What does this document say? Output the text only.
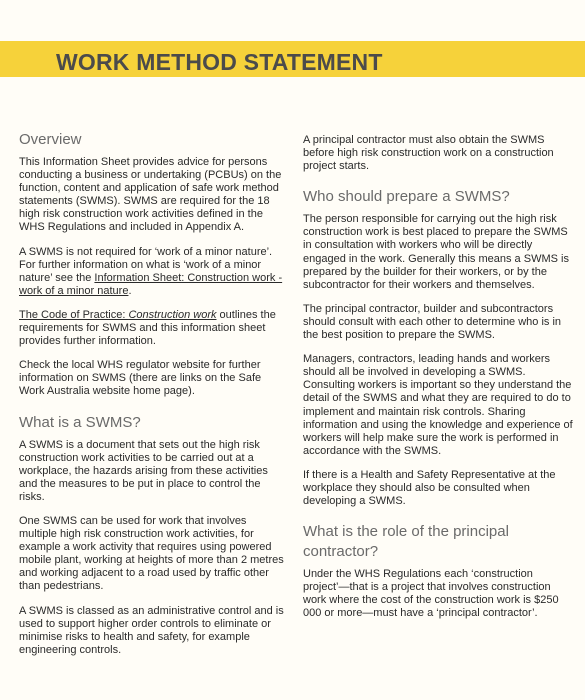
WORK METHOD STATEMENT
Overview

This Information Sheet provides advice for persons conducting a business or undertaking (PCBUs) on the function, content and application of safe work method statements (SWMS). SWMS are required for the 18 high risk construction work activities defined in the WHS Regulations and included in Appendix A.

A SWMS is not required for ‘work of a minor nature’. For further information on what is ‘work of a minor nature’ see the Information Sheet: Construction work - work of a minor nature.

The Code of Practice: Construction work outlines the requirements for SWMS and this information sheet provides further information.

Check the local WHS regulator website for further information on SWMS (there are links on the Safe Work Australia website home page).

What is a SWMS?

A SWMS is a document that sets out the high risk construction work activities to be carried out at a workplace, the hazards arising from these activities and the measures to be put in place to control the risks.

One SWMS can be used for work that involves multiple high risk construction work activities, for example a work activity that requires using powered mobile plant, working at heights of more than 2 metres and working adjacent to a road used by traffic other than pedestrians.

A SWMS is classed as an administrative control and is used to support higher order controls to eliminate or minimise risks to health and safety, for example engineering controls.

A principal contractor must also obtain the SWMS before high risk construction work on a construction project starts.

Who should prepare a SWMS?

The person responsible for carrying out the high risk construction work is best placed to prepare the SWMS in consultation with workers who will be directly engaged in the work. Generally this means a SWMS is prepared by the builder for their workers, or by the subcontractor for their workers and themselves.

The principal contractor, builder and subcontractors should consult with each other to determine who is in the best position to prepare the SWMS.

Managers, contractors, leading hands and workers should all be involved in developing a SWMS. Consulting workers is important so they understand the detail of the SWMS and what they are required to do to implement and maintain risk controls. Sharing information and using the knowledge and experience of workers will help make sure the work is performed in accordance with the SWMS.

If there is a Health and Safety Representative at the workplace they should also be consulted when developing a SWMS.

What is the role of the principal contractor?

Under the WHS Regulations each ‘construction project’—that is a project that involves construction work where the cost of the construction work is $250 000 or more—must have a ‘principal contractor’.
